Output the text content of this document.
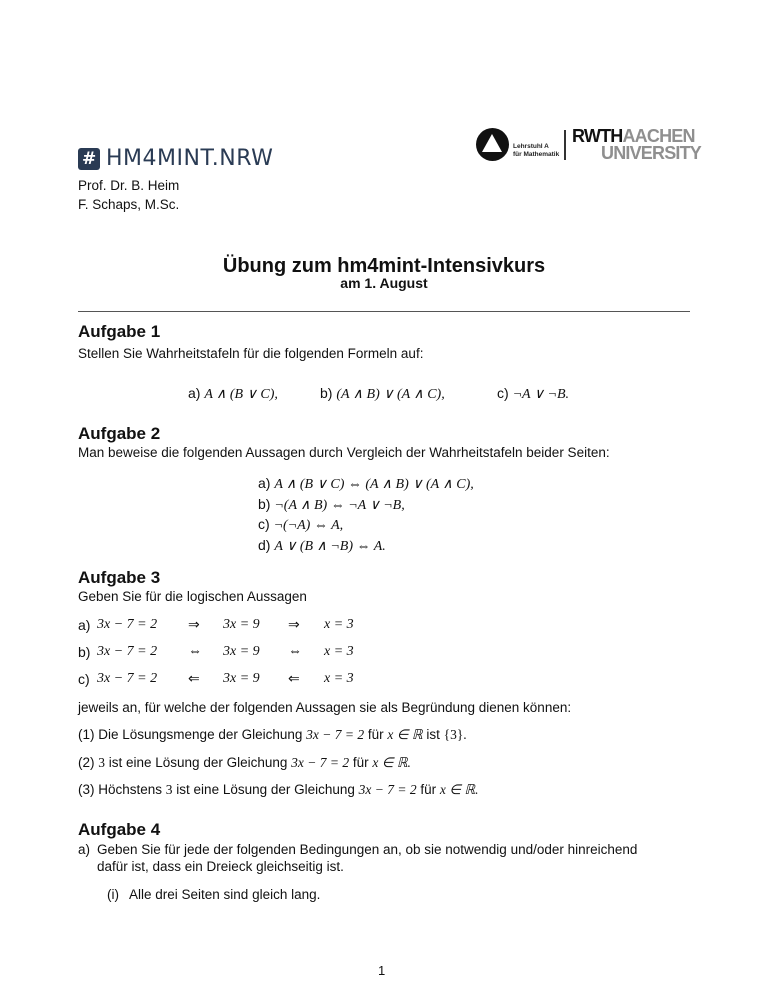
# HM4MINT.NRW	Lehrstuhl A
für Mathematik
RWTHAACHEN
UNIVERSITY
Prof. Dr. B. Heim
F. Schaps, M.Sc.
Übung zum hm4mint-Intensivkurs
am 1. August
Aufgabe 1
Stellen Sie Wahrheitstafeln für die folgenden Formeln auf:
a) A ∧ (B ∨ C),	b) (A ∧ B) ∨ (A ∧ C),	c) ¬A ∨ ¬B.
Aufgabe 2
Man beweise die folgenden Aussagen durch Vergleich der Wahrheitstafeln beider Seiten:
a) A ∧ (B ∨ C) ⇔ (A ∧ B) ∨ (A ∧ C),
b) ¬(A ∧ B) ⇔ ¬A ∨ ¬B,
c) ¬(¬A) ⇔ A,
d) A ∨ (B ∧ ¬B) ⇔ A.
Aufgabe 3
Geben Sie für die logischen Aussagen
a) 3x − 7 = 2 ⇒ 3x = 9 ⇒ x = 3
b) 3x − 7 = 2 ⇔ 3x = 9 ⇔ x = 3
c) 3x − 7 = 2 ⇐ 3x = 9 ⇐ x = 3
jeweils an, für welche der folgenden Aussagen sie als Begründung dienen können:
(1) Die Lösungsmenge der Gleichung 3x − 7 = 2 für x ∈ ℝ ist {3}.
(2) 3 ist eine Lösung der Gleichung 3x − 7 = 2 für x ∈ ℝ.
(3) Höchstens 3 ist eine Lösung der Gleichung 3x − 7 = 2 für x ∈ ℝ.
Aufgabe 4
a) Geben Sie für jede der folgenden Bedingungen an, ob sie notwendig und/oder hinreichend
dafür ist, dass ein Dreieck gleichseitig ist.
(i) Alle drei Seiten sind gleich lang.
1
